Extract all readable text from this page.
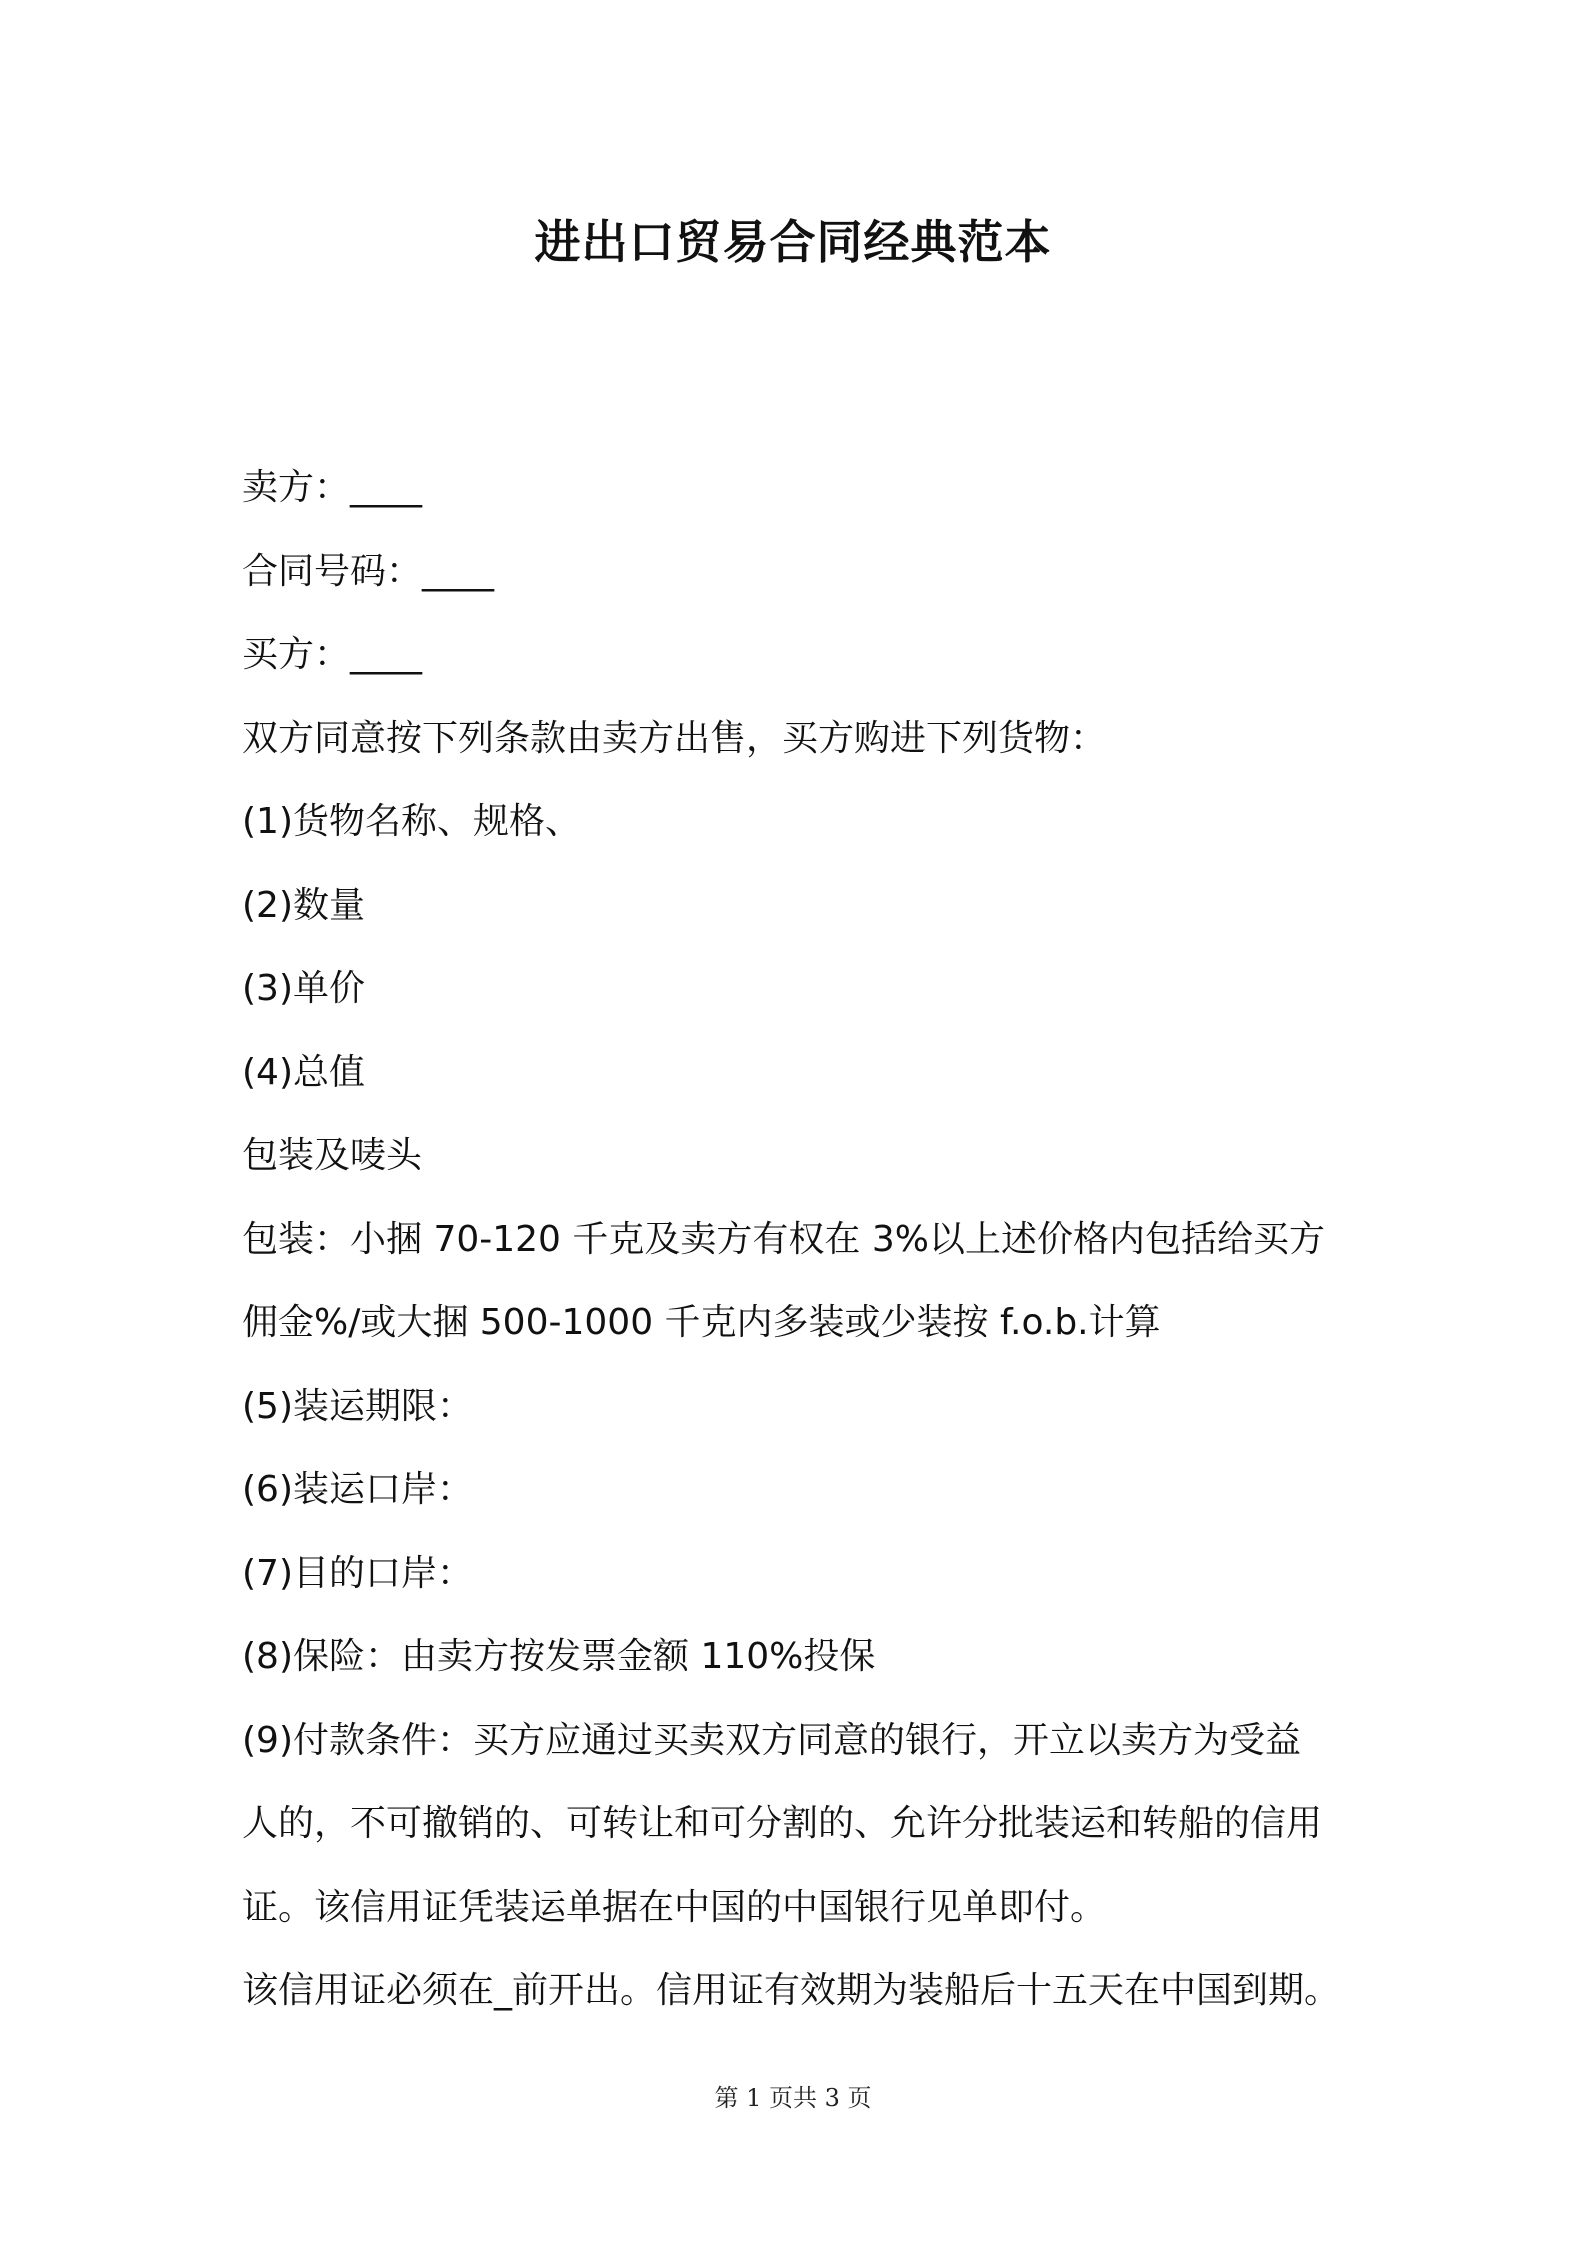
进出口贸易合同经典范本
卖方：____
合同号码：____
买方：____
双方同意按下列条款由卖方出售，买方购进下列货物：
(1)货物名称、规格、
(2)数量
(3)单价
(4)总值
包装及唛头
包装：小捆 70-120 千克及卖方有权在 3%以上述价格内包括给买方
佣金%/或大捆 500-1000 千克内多装或少装按 f.o.b.计算
(5)装运期限：
(6)装运口岸：
(7)目的口岸：
(8)保险：由卖方按发票金额 110%投保
(9)付款条件：买方应通过买卖双方同意的银行，开立以卖方为受益
人的，不可撤销的、可转让和可分割的、允许分批装运和转船的信用
证。该信用证凭装运单据在中国的中国银行见单即付。
该信用证必须在_前开出。信用证有效期为装船后十五天在中国到期。
第 1 页共 3 页
